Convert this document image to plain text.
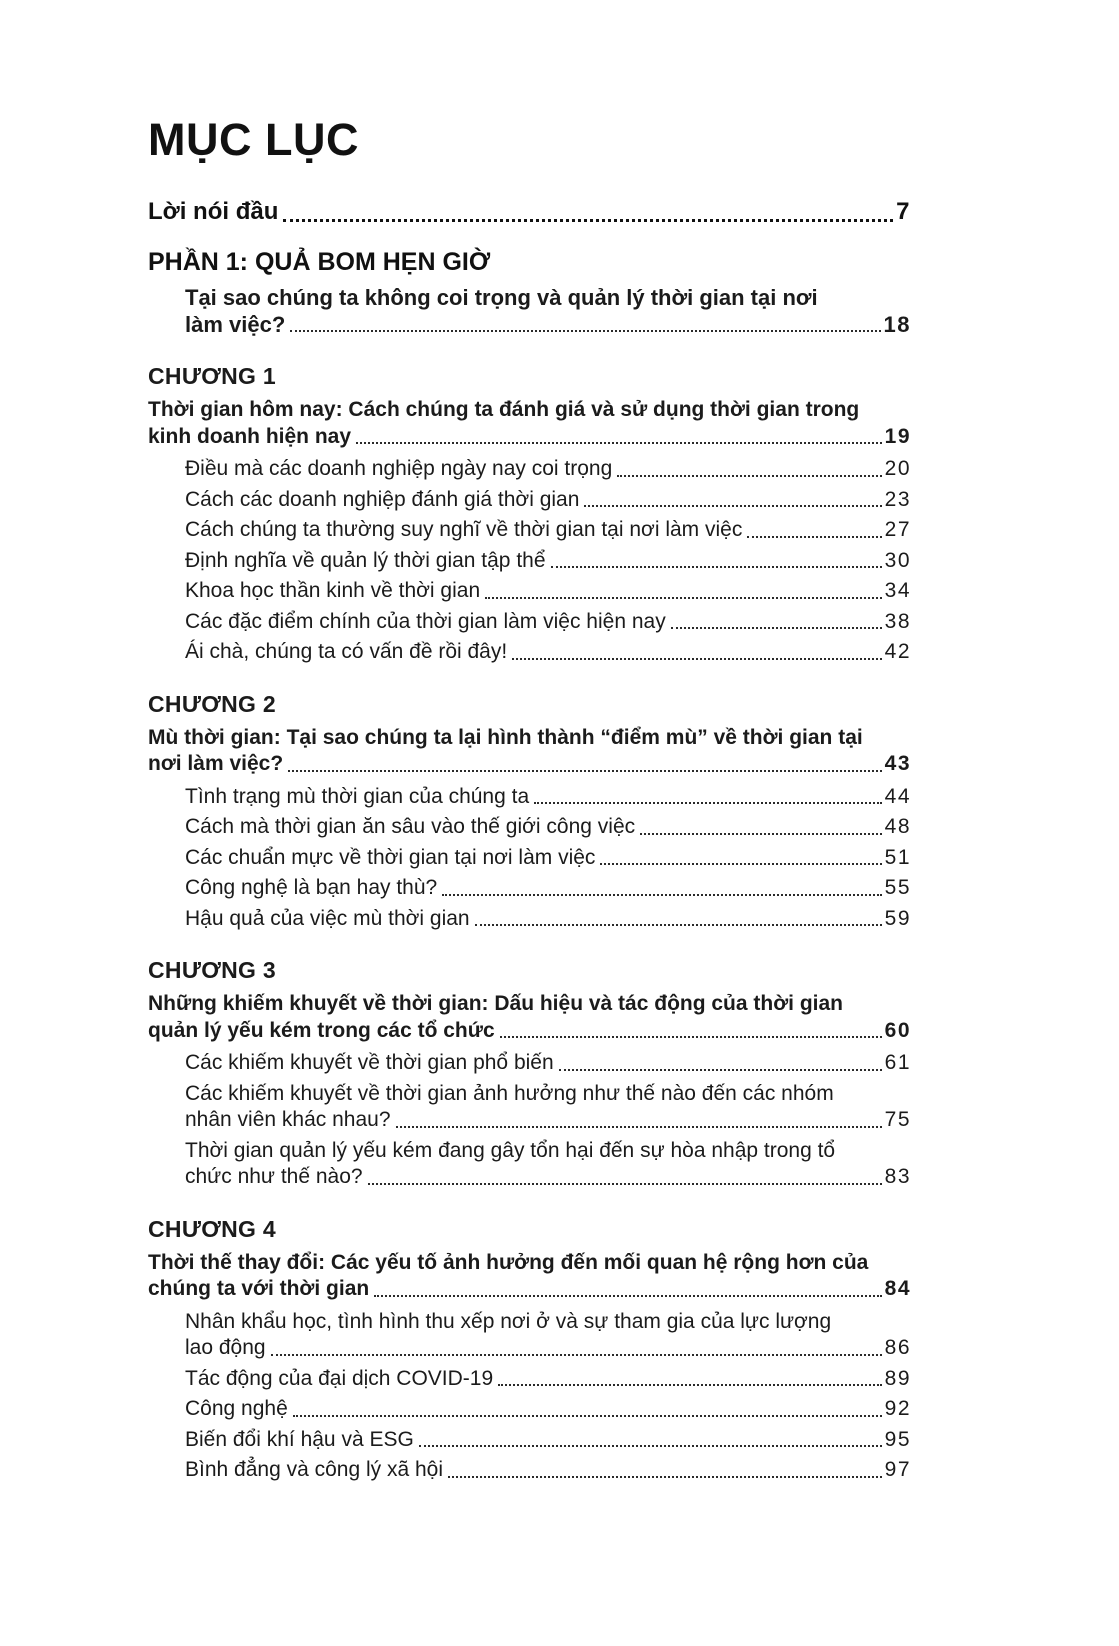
MỤC LỤC
Lời nói đầu	7
PHẦN 1: QUẢ BOM HẸN GIỜ
Tại sao chúng ta không coi trọng và quản lý thời gian tại nơi
làm việc?	18
CHƯƠNG 1
Thời gian hôm nay: Cách chúng ta đánh giá và sử dụng thời gian trong
kinh doanh hiện nay	19
Điều mà các doanh nghiệp ngày nay coi trọng	20
Cách các doanh nghiệp đánh giá thời gian	23
Cách chúng ta thường suy nghĩ về thời gian tại nơi làm việc	27
Định nghĩa về quản lý thời gian tập thể	30
Khoa học thần kinh về thời gian	34
Các đặc điểm chính của thời gian làm việc hiện nay	38
Ái chà, chúng ta có vấn đề rồi đây!	42
CHƯƠNG 2
Mù thời gian: Tại sao chúng ta lại hình thành “điểm mù” về thời gian tại
nơi làm việc?	43
Tình trạng mù thời gian của chúng ta	44
Cách mà thời gian ăn sâu vào thế giới công việc	48
Các chuẩn mực về thời gian tại nơi làm việc	51
Công nghệ là bạn hay thù?	55
Hậu quả của việc mù thời gian	59
CHƯƠNG 3
Những khiếm khuyết về thời gian: Dấu hiệu và tác động của thời gian
quản lý yếu kém trong các tổ chức	60
Các khiếm khuyết về thời gian phổ biến	61
Các khiếm khuyết về thời gian ảnh hưởng như thế nào đến các nhóm
nhân viên khác nhau?	75
Thời gian quản lý yếu kém đang gây tổn hại đến sự hòa nhập trong tổ
chức như thế nào?	83
CHƯƠNG 4
Thời thế thay đổi: Các yếu tố ảnh hưởng đến mối quan hệ rộng hơn của
chúng ta với thời gian	84
Nhân khẩu học, tình hình thu xếp nơi ở và sự tham gia của lực lượng
lao động	86
Tác động của đại dịch COVID-19	89
Công nghệ	92
Biến đổi khí hậu và ESG	95
Bình đẳng và công lý xã hội	97
